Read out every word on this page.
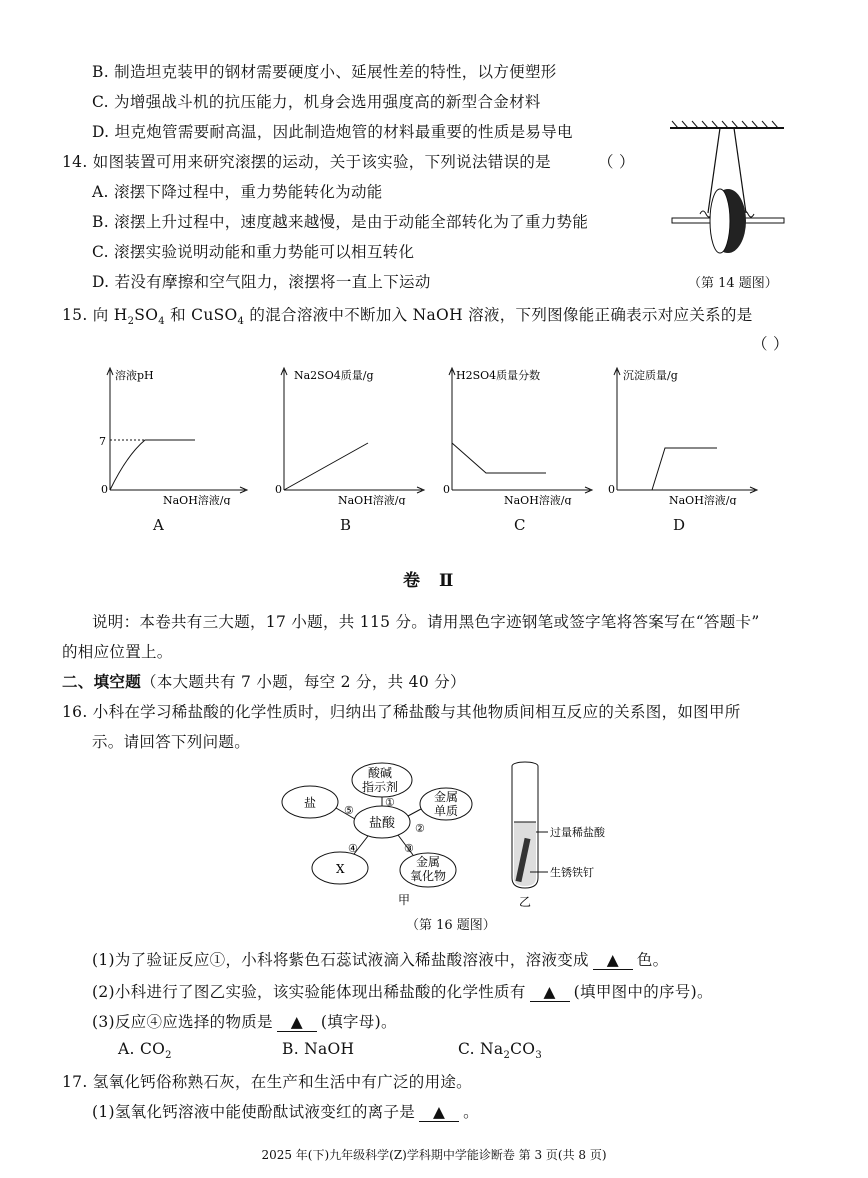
B. 制造坦克装甲的钢材需要硬度小、延展性差的特性，以方便塑形
C. 为增强战斗机的抗压能力，机身会选用强度高的新型合金材料
D. 坦克炮管需要耐高温，因此制造炮管的材料最重要的性质是易导电
14. 如图装置可用来研究滚摆的运动，关于该实验，下列说法错误的是	（ ）
A. 滚摆下降过程中，重力势能转化为动能
B. 滚摆上升过程中，速度越来越慢，是由于动能全部转化为了重力势能
C. 滚摆实验说明动能和重力势能可以相互转化
D. 若没有摩擦和空气阻力，滚摆将一直上下运动	（第 14 题图）
15. 向 $H_2SO_4$ 和 CuSO$_4$ 的混合溶液中不断加入 NaOH 溶液，下列图像能正确表示对应关系的是
（ ）
溶液pH
7
0
NaOH溶液/g
A
Na2SO4质量/g
0
NaOH溶液/g
B
H2SO4质量分数
0
NaOH溶液/g
C
沉淀质量/g
0
NaOH溶液/g
D
卷   Ⅱ
说明：本卷共有三大题，17 小题，共 115 分。请用黑色字迹钢笔或签字笔将答案写在“答题卡”
的相应位置上。
二、填空题（本大题共有 7 小题，每空 2 分，共 40 分）
16. 小科在学习稀盐酸的化学性质时，归纳出了稀盐酸与其他物质间相互反应的关系图，如图甲所
示。请回答下列问题。
酸碱
指示剂
盐酸
金属
单质
金属
氧化物
X
盐	①
②
③
④
⑤
甲
过量稀盐酸
生锈铁钉
乙
（第 16 题图）
(1)为了验证反应①，小科将紫色石蕊试液滴入稀盐酸溶液中，溶液变成 ▲ 色。
(2)小科进行了图乙实验，该实验能体现出稀盐酸的化学性质有 ▲ (填甲图中的序号)。
(3)反应④应选择的物质是 ▲ (填字母)。
A. $CO_2$	B. NaOH	C. $Na_2CO_3$
17. 氢氧化钙俗称熟石灰，在生产和生活中有广泛的用途。
(1)氢氧化钙溶液中能使酚酞试液变红的离子是 ▲ 。
2025 年(下)九年级科学(Z)学科期中学能诊断卷 第 3 页(共 8 页)
